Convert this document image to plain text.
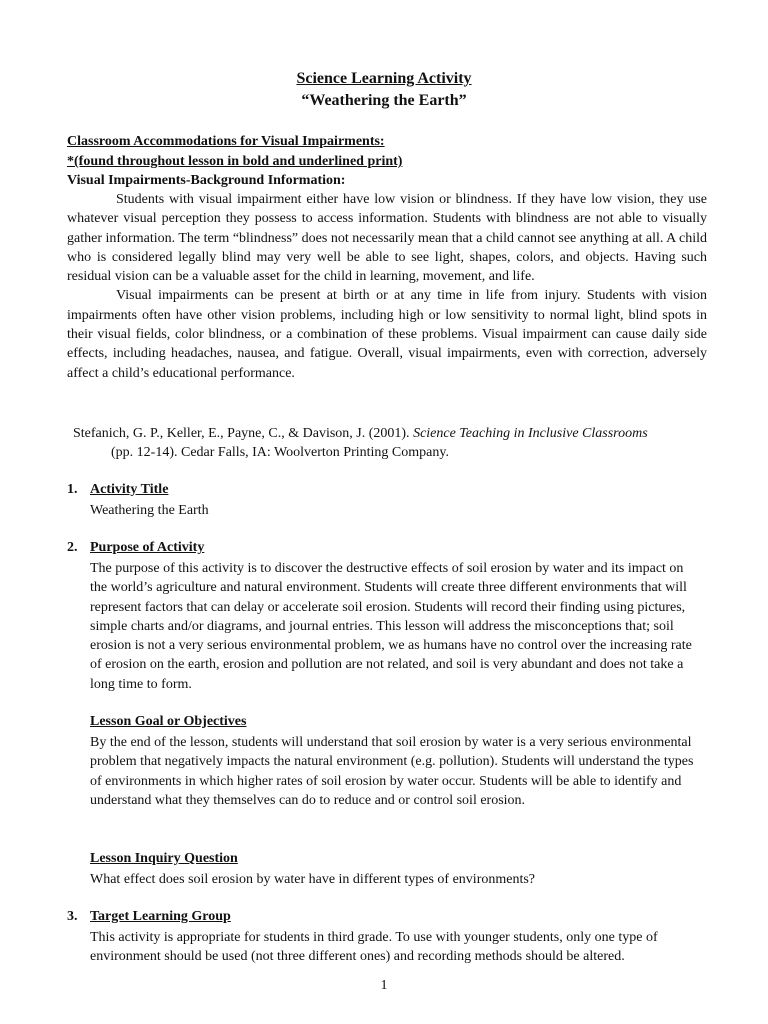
Science Learning Activity
“Weathering the Earth”
Classroom Accommodations for Visual Impairments:
*(found throughout lesson in bold and underlined print)
Visual Impairments-Background Information:

Students with visual impairment either have low vision or blindness. If they have low vision, they use whatever visual perception they possess to access information. Students with blindness are not able to visually gather information. The term “blindness” does not necessarily mean that a child cannot see anything at all. A child who is considered legally blind may very well be able to see light, shapes, colors, and objects. Having such residual vision can be a valuable asset for the child in learning, movement, and life.

Visual impairments can be present at birth or at any time in life from injury. Students with vision impairments often have other vision problems, including high or low sensitivity to normal light, blind spots in their visual fields, color blindness, or a combination of these problems. Visual impairment can cause daily side effects, including headaches, nausea, and fatigue. Overall, visual impairments, even with correction, adversely affect a child’s educational performance.

Stefanich, G. P., Keller, E., Payne, C., & Davison, J. (2001). Science Teaching in Inclusive Classrooms
(pp. 12-14). Cedar Falls, IA: Woolverton Printing Company.
1. Activity Title

Weathering the Earth

2. Purpose of Activity

The purpose of this activity is to discover the destructive effects of soil erosion by water and its impact on the world’s agriculture and natural environment. Students will create three different environments that will represent factors that can delay or accelerate soil erosion. Students will record their finding using pictures, simple charts and/or diagrams, and journal entries. This lesson will address the misconceptions that; soil erosion is not a very serious environmental problem, we as humans have no control over the increasing rate of erosion on the earth, erosion and pollution are not related, and soil is very abundant and does not take a long time to form.

Lesson Goal or Objectives

By the end of the lesson, students will understand that soil erosion by water is a very serious environmental problem that negatively impacts the natural environment (e.g. pollution). Students will understand the types of environments in which higher rates of soil erosion by water occur. Students will be able to identify and understand what they themselves can do to reduce and or control soil erosion.

Lesson Inquiry Question

What effect does soil erosion by water have in different types of environments?

3. Target Learning Group

This activity is appropriate for students in third grade. To use with younger students, only one type of environment should be used (not three different ones) and recording methods should be altered.

1
